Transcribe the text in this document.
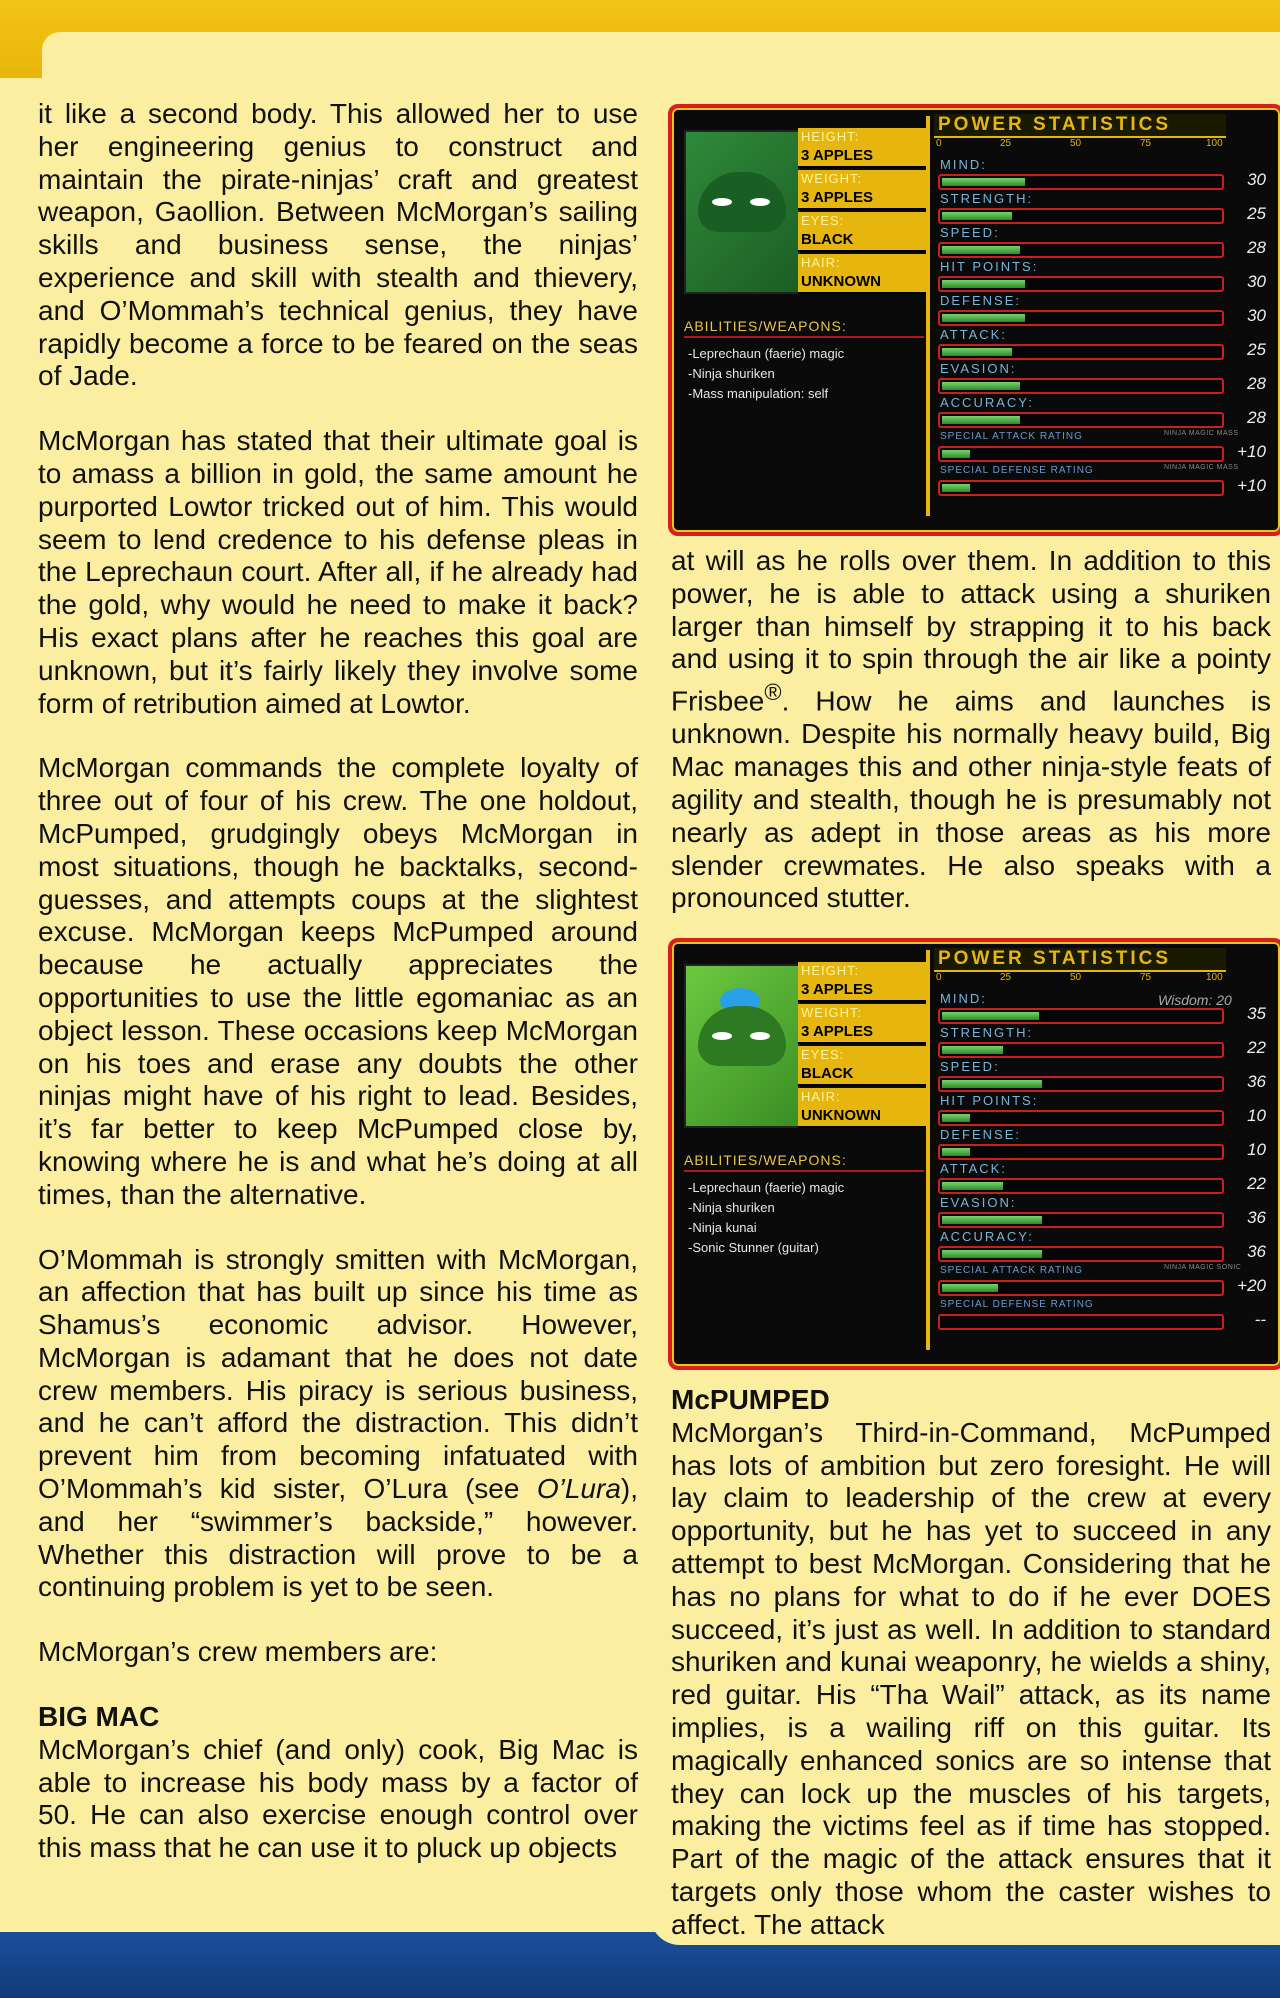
it like a second body. This allowed her to use her engineering genius to construct and maintain the pirate-ninjas’ craft and greatest weapon, Gaollion. Between McMorgan’s sailing skills and business sense, the ninjas’ experience and skill with stealth and thievery, and O’Mommah’s technical genius, they have rapidly become a force to be feared on the seas of Jade.

McMorgan has stated that their ultimate goal is to amass a billion in gold, the same amount he purported Lowtor tricked out of him. This would seem to lend credence to his defense pleas in the Leprechaun court. After all, if he already had the gold, why would he need to make it back? His exact plans after he reaches this goal are unknown, but it’s fairly likely they involve some form of retribution aimed at Lowtor.

McMorgan commands the complete loyalty of three out of four of his crew. The one holdout, McPumped, grudgingly obeys McMorgan in most situations, though he backtalks, second-guesses, and attempts coups at the slightest excuse. McMorgan keeps McPumped around because he actually appreciates the opportunities to use the little egomaniac as an object lesson. These occasions keep McMorgan on his toes and erase any doubts the other ninjas might have of his right to lead. Besides, it’s far better to keep McPumped close by, knowing where he is and what he’s doing at all times, than the alternative.

O’Mommah is strongly smitten with McMorgan, an affection that has built up since his time as Shamus’s economic advisor. However, McMorgan is adamant that he does not date crew members. His piracy is serious business, and he can’t afford the distraction. This didn’t prevent him from becoming infatuated with O’Mommah’s kid sister, O’Lura (see O’Lura), and her “swimmer’s backside,” however. Whether this distraction will prove to be a continuing problem is yet to be seen.

McMorgan’s crew members are:

BIG MAC

McMorgan’s chief (and only) cook, Big Mac is able to increase his body mass by a factor of 50. He can also exercise enough control over this mass that he can use it to pluck up objects

HEIGHT:
3 APPLES
WEIGHT:
3 APPLES
EYES:
BLACK
HAIR:
UNKNOWN
ABILITIES/WEAPONS:
-Leprechaun (faerie) magic
-Ninja shuriken
-Mass manipulation: self
POWER STATISTICS
0	25	50	75	100
MIND:
30
STRENGTH:
25
SPEED:
28
HIT POINTS:
30
DEFENSE:
30
ATTACK:
25
EVASION:
28
ACCURACY:
28
SPECIAL ATTACK RATING	NINJA MAGIC MASS
+10
SPECIAL DEFENSE RATING	NINJA MAGIC MASS
+10

at will as he rolls over them. In addition to this power, he is able to attack using a shuriken larger than himself by strapping it to his back and using it to spin through the air like a pointy Frisbee®. How he aims and launches is unknown. Despite his normally heavy build, Big Mac manages this and other ninja-style feats of agility and stealth, though he is presumably not nearly as adept in those areas as his more slender crewmates. He also speaks with a pronounced stutter.

HEIGHT:
3 APPLES
WEIGHT:
3 APPLES
EYES:
BLACK
HAIR:
UNKNOWN
ABILITIES/WEAPONS:
-Leprechaun (faerie) magic
-Ninja shuriken
-Ninja kunai
-Sonic Stunner (guitar)
POWER STATISTICS
0	25	50	75	100
MIND:	Wisdom: 20
35
STRENGTH:
22
SPEED:
36
HIT POINTS:
10
DEFENSE:
10
ATTACK:
22
EVASION:
36
ACCURACY:
36
SPECIAL ATTACK RATING	NINJA MAGIC SONIC
+20
SPECIAL DEFENSE RATING
--
McPUMPED

McMorgan’s Third-in-Command, McPumped has lots of ambition but zero foresight. He will lay claim to leadership of the crew at every opportunity, but he has yet to succeed in any attempt to best McMorgan. Considering that he has no plans for what to do if he ever DOES succeed, it’s just as well. In addition to standard shuriken and kunai weaponry, he wields a shiny, red guitar. His “Tha Wail” attack, as its name implies, is a wailing riff on this guitar. Its magically enhanced sonics are so intense that they can lock up the muscles of his targets, making the victims feel as if time has stopped. Part of the magic of the attack ensures that it targets only those whom the caster wishes to affect. The attack
